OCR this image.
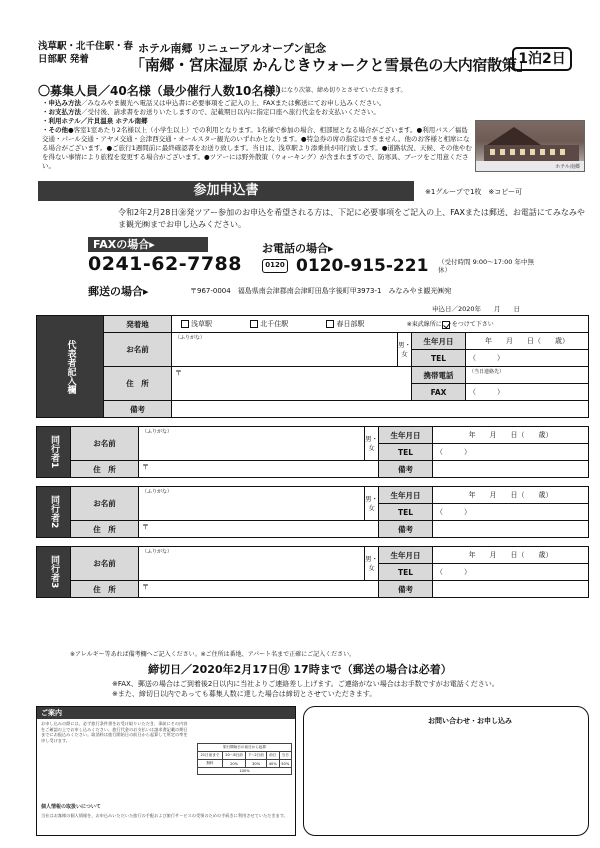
浅草駅・北千住駅・春日部駅 発着
ホテル南郷 リニューアルオープン記念
「南郷・宮床湿原 かんじきウォークと雪景色の大内宿散策」
1泊2日
〇募集人員／40名様（最少催行人数10名様）
※定員になり次第、締め切りとさせていただきます。
・申込み方法／みなみやま観光へ電話又は申込書に必要事項をご記入の上、FAXまたは郵送にてお申し込みください。
・お支払方法／受付後、請求書をお送りいたしますので、記載期日以内に指定口座へ旅行代金をお支払いください。
・利用ホテル／片貝温泉 ホテル南郷
・その他●客室1室あたり2名様以上（小学生以上）での利用となります。1名様で参加の場合、相部屋となる場合がございます。●利用バス／福島交通・パール交通・アヤメ交通・会津西交通・オールスター観光のいずれかとなります。●特急券の席の指定はできません。他のお客様と相席になる場合がございます。●ご旅行1週間前に最終確認書をお送り致します。当日は、浅草駅より添乗員が同行致します。●道路状況、天候、その他やむを得ない事情により旅程を変更する場合がございます。●ツアーには野外散策（ウォーキング）が含まれますので、防寒具、ブーツをご用意ください。	ホテル南郷
参加申込書	※1グループで1枚　※コピー可
令和2年2月28日㊎発ツアー参加のお申込を希望される方は、下記に必要事項をご記入の上、FAXまたは郵送、お電話にてみなみやま観光㈱までお申し込みください。
FAXの場合▸
0241-62-7788
お電話の場合▸
0120 0120-915-221 （受付時間 9:00～17:00 年中無休）
郵送の場合▸	〒967-0004　福島県南会津郡南会津町田島字後町甲3973-1　みなみやま観光㈱宛
申込日／2020年　　月　　日
代表者記入欄	発着地	浅草駅 北千住駅 春日部駅 ※東武線所に をつけて下さい			
	お名前	（ふりがな）	男・女	生年月日	年　　月　　日（　　歳）
				TEL	（　　　）
	住　所	〒		携帯電話	（当日連絡先）
				FAX	（　　　）
	備考				
同行者1	お名前	（ふりがな）	男・女	生年月日	年　　月　　日（　　歳）
				TEL	（　　　）
	住　所	〒		備考	

同行者2	お名前	（ふりがな）	男・女	生年月日	年　　月　　日（　　歳）
				TEL	（　　　）
	住　所	〒		備考	

同行者3	お名前	（ふりがな）	男・女	生年月日	年　　月　　日（　　歳）
				TEL	（　　　）
	住　所	〒		備考	

※アレルギー等あれば備考欄へご記入ください。※ご住所は番地、アパート名まで正確にご記入ください。
締切日／2020年2月17日㊊ 17時まで（郵送の場合は必着）
※FAX、郵送の場合はご到着後2日以内に当社よりご連絡差し上げます。ご連絡がない場合はお手数ですがお電話ください。
※また、締切日以内であっても募集人数に達した場合は締切とさせていただきます。
ご案内
お申し込みの際には、必ず旅行条件書をお受け取りいただき、事前にその内容をご確認の上でお申し込みください。旅行代金のお支払いは請求書記載の期日までにお振込みください。取消料は旅行開始日の前日から起算して所定の率を申し受けます。
旅行開始日の前日から起算				
21日前まで	20～8日前	7～2日前	前日	当日
無料	20%	30%	40%	50%
100%				
個人情報の取扱いについて
当社はお客様の個人情報を、お申込みいただいた旅行の手配および旅行サービスの受領のための手続きに利用させていただきます。
お問い合わせ・お申し込み
